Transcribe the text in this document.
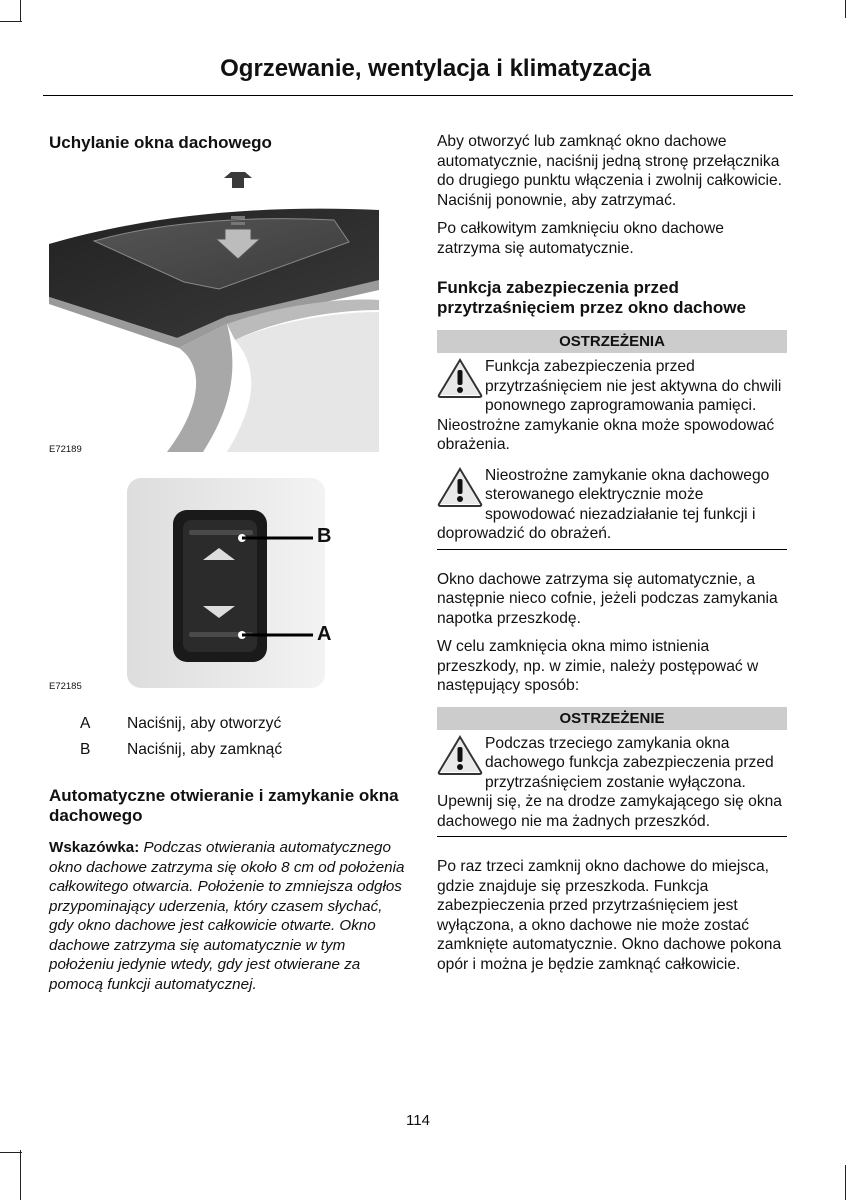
Ogrzewanie, wentylacja i klimatyzacja
Uchylanie okna dachowego
E72189
B
A
E72185
A Naciśnij, aby otworzyć
B Naciśnij, aby zamknąć
Automatyczne otwieranie i zamykanie okna dachowego

Wskazówka: Podczas otwierania automatycznego okno dachowe zatrzyma się około 8 cm od położenia całkowitego otwarcia. Położenie to zmniejsza odgłos przypominający uderzenia, który czasem słychać, gdy okno dachowe jest całkowicie otwarte. Okno dachowe zatrzyma się automatycznie w tym położeniu jedynie wtedy, gdy jest otwierane za pomocą funkcji automatycznej.

Aby otworzyć lub zamknąć okno dachowe automatycznie, naciśnij jedną stronę przełącznika do drugiego punktu włączenia i zwolnij całkowicie. Naciśnij ponownie, aby zatrzymać.

Po całkowitym zamknięciu okno dachowe zatrzyma się automatycznie.

Funkcja zabezpieczenia przed przytrzaśnięciem przez okno dachowe
OSTRZEŻENIA
Funkcja zabezpieczenia przed przytrzaśnięciem nie jest aktywna do chwili ponownego zaprogramowania pamięci. Nieostrożne zamykanie okna może spowodować obrażenia.
Nieostrożne zamykanie okna dachowego sterowanego elektrycznie może spowodować niezadziałanie tej funkcji i doprowadzić do obrażeń.

Okno dachowe zatrzyma się automatycznie, a następnie nieco cofnie, jeżeli podczas zamykania napotka przeszkodę.

W celu zamknięcia okna mimo istnienia przeszkody, np. w zimie, należy postępować w następujący sposób:

OSTRZEŻENIE
Podczas trzeciego zamykania okna dachowego funkcja zabezpieczenia przed przytrzaśnięciem zostanie wyłączona. Upewnij się, że na drodze zamykającego się okna dachowego nie ma żadnych przeszkód.

Po raz trzeci zamknij okno dachowe do miejsca, gdzie znajduje się przeszkoda. Funkcja zabezpieczenia przed przytrzaśnięciem jest wyłączona, a okno dachowe nie może zostać zamknięte automatycznie. Okno dachowe pokona opór i można je będzie zamknąć całkowicie.

114
